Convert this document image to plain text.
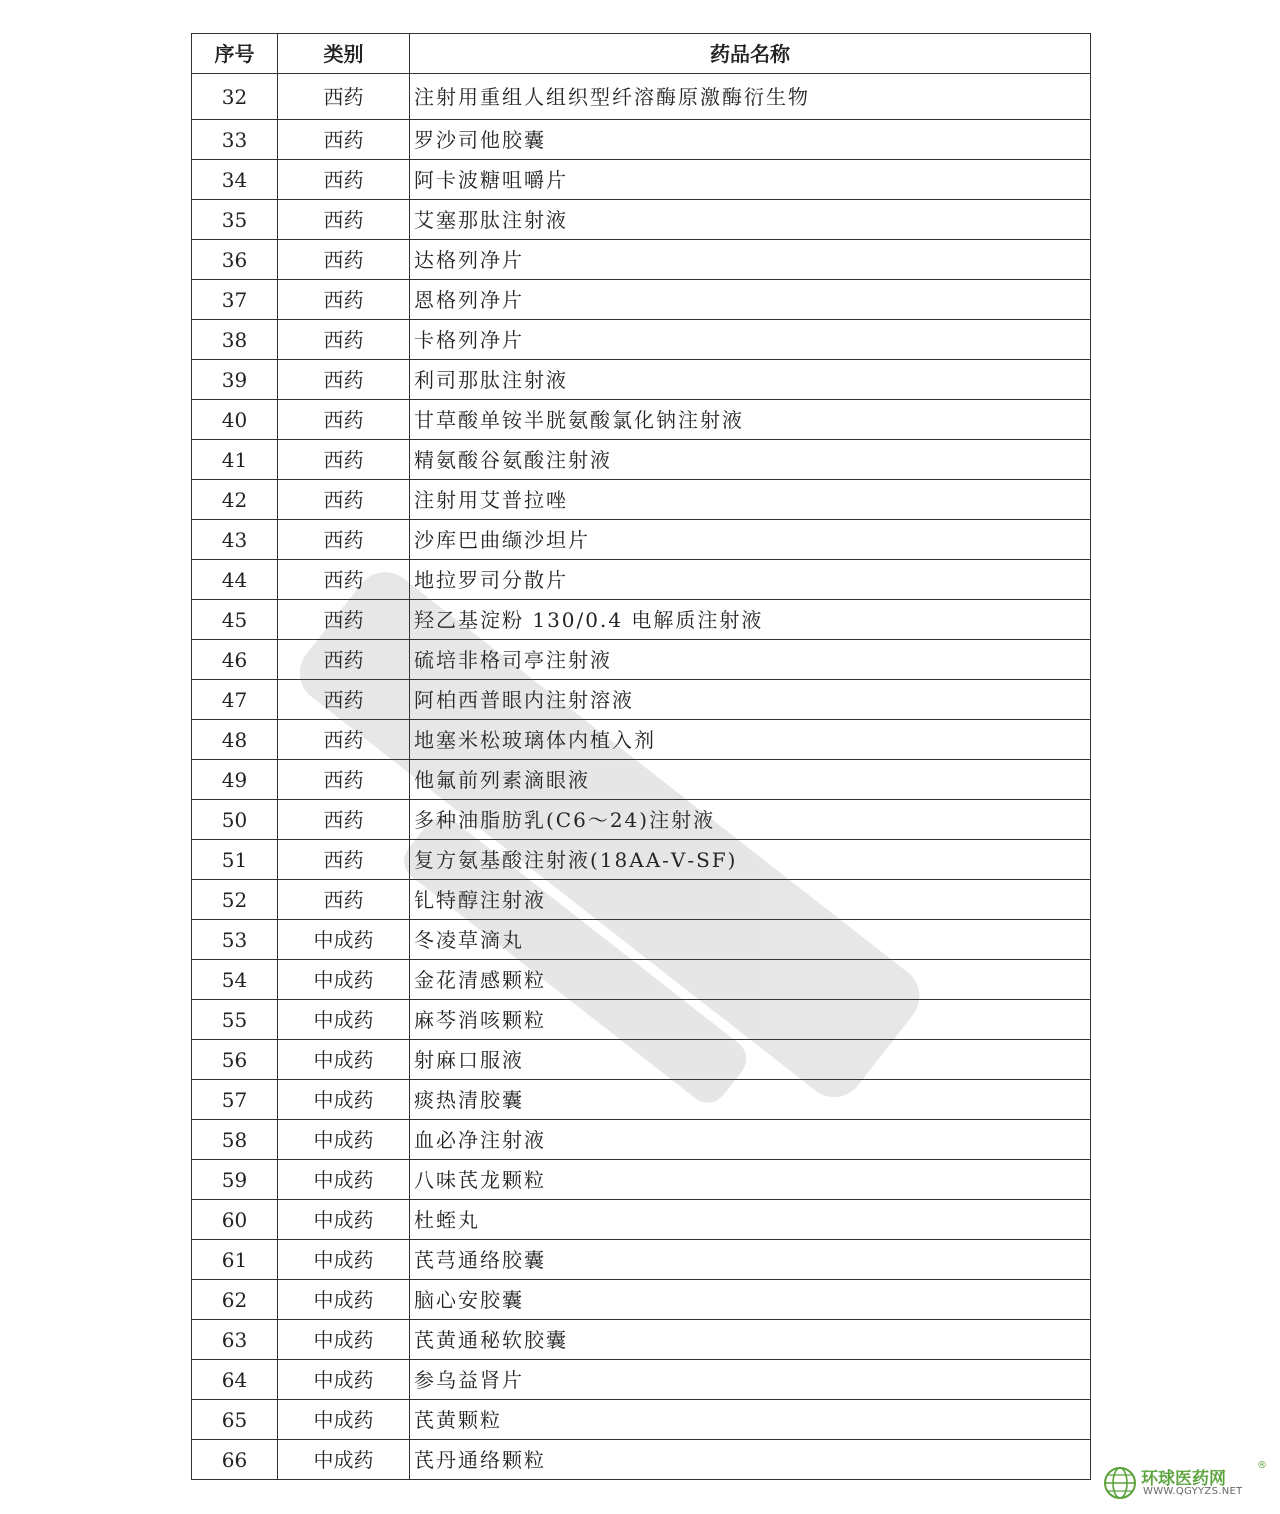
序号	类别	药品名称
32	西药	注射用重组人组织型纤溶酶原激酶衍生物
33	西药	罗沙司他胶囊
34	西药	阿卡波糖咀嚼片
35	西药	艾塞那肽注射液
36	西药	达格列净片
37	西药	恩格列净片
38	西药	卡格列净片
39	西药	利司那肽注射液
40	西药	甘草酸单铵半胱氨酸氯化钠注射液
41	西药	精氨酸谷氨酸注射液
42	西药	注射用艾普拉唑
43	西药	沙库巴曲缬沙坦片
44	西药	地拉罗司分散片
45	西药	羟乙基淀粉 130/0.4 电解质注射液
46	西药	硫培非格司亭注射液
47	西药	阿柏西普眼内注射溶液
48	西药	地塞米松玻璃体内植入剂
49	西药	他氟前列素滴眼液
50	西药	多种油脂肪乳(C6～24)注射液
51	西药	复方氨基酸注射液(18AA-Ⅴ-SF)
52	西药	钆特醇注射液
53	中成药	冬凌草滴丸
54	中成药	金花清感颗粒
55	中成药	麻芩消咳颗粒
56	中成药	射麻口服液
57	中成药	痰热清胶囊
58	中成药	血必净注射液
59	中成药	八味芪龙颗粒
60	中成药	杜蛭丸
61	中成药	芪芎通络胶囊
62	中成药	脑心安胶囊
63	中成药	芪黄通秘软胶囊
64	中成药	参乌益肾片
65	中成药	芪黄颗粒
66	中成药	芪丹通络颗粒
环球医药网
®
WWW.QGYYZS.NET
